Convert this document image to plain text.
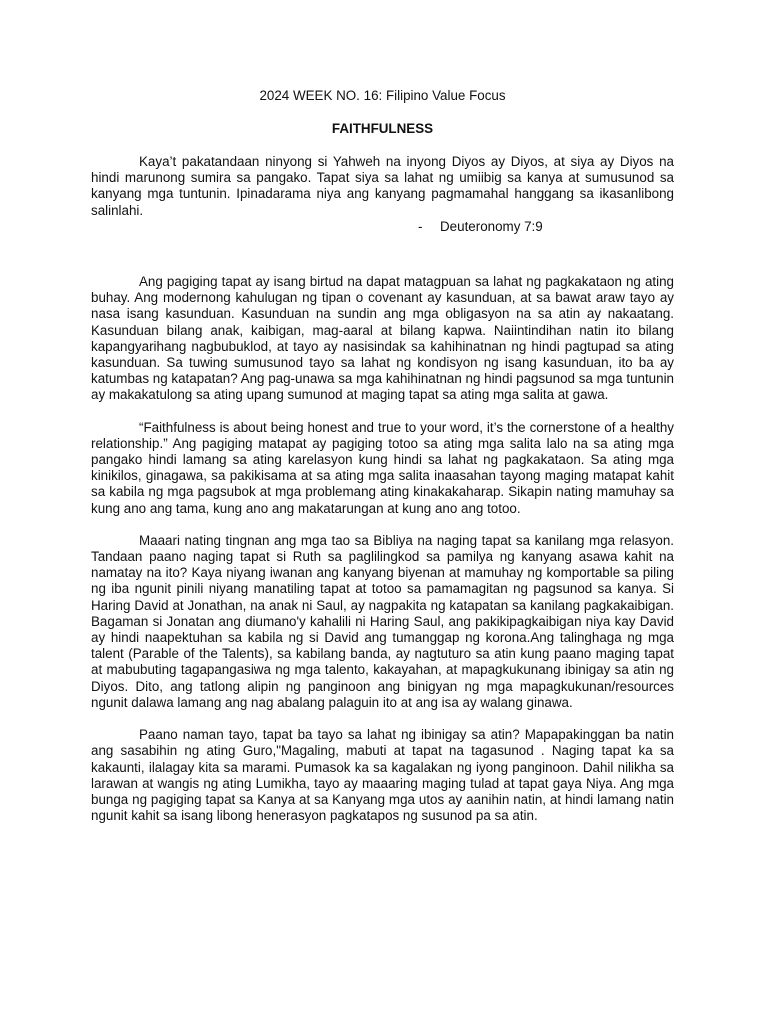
2024 WEEK NO. 16: Filipino Value Focus

FAITHFULNESS

Kaya’t pakatandaan ninyong si Yahweh na inyong Diyos ay Diyos, at siya ay Diyos na hindi marunong sumira sa pangako. Tapat siya sa lahat ng umiibig sa kanya at sumusunod sa kanyang mga tuntunin. Ipinadarama niya ang kanyang pagmamahal hanggang sa ikasanlibong salinlahi.

- Deuteronomy 7:9

Ang pagiging tapat ay isang birtud na dapat matagpuan sa lahat ng pagkakataon ng ating buhay. Ang modernong kahulugan ng tipan o covenant ay kasunduan, at sa bawat araw tayo ay nasa isang kasunduan. Kasunduan na sundin ang mga obligasyon na sa atin ay nakaatang. Kasunduan bilang anak, kaibigan, mag-aaral at bilang kapwa. Naiintindihan natin ito bilang kapangyarihang nagbubuklod, at tayo ay nasisindak sa kahihinatnan ng hindi pagtupad sa ating kasunduan. Sa tuwing sumusunod tayo sa lahat ng kondisyon ng isang kasunduan, ito ba ay katumbas ng katapatan? Ang pag-unawa sa mga kahihinatnan ng hindi pagsunod sa mga tuntunin ay makakatulong sa ating upang sumunod at maging tapat sa ating mga salita at gawa.

“Faithfulness is about being honest and true to your word, it’s the cornerstone of a healthy relationship.” Ang pagiging matapat ay pagiging totoo sa ating mga salita lalo na sa ating mga pangako hindi lamang sa ating karelasyon kung hindi sa lahat ng pagkakataon. Sa ating mga kinikilos, ginagawa, sa pakikisama at sa ating mga salita inaasahan tayong maging matapat kahit sa kabila ng mga pagsubok at mga problemang ating kinakakaharap. Sikapin nating mamuhay sa kung ano ang tama, kung ano ang makatarungan at kung ano ang totoo.

Maaari nating tingnan ang mga tao sa Bibliya na naging tapat sa kanilang mga relasyon. Tandaan paano naging tapat si Ruth sa paglilingkod sa pamilya ng kanyang asawa kahit na namatay na ito? Kaya niyang iwanan ang kanyang biyenan at mamuhay ng komportable sa piling ng iba ngunit pinili niyang manatiling tapat at totoo sa pamamagitan ng pagsunod sa kanya. Si Haring David at Jonathan, na anak ni Saul, ay nagpakita ng katapatan sa kanilang pagkakaibigan. Bagaman si Jonatan ang diumano'y kahalili ni Haring Saul, ang pakikipagkaibigan niya kay David ay hindi naapektuhan sa kabila ng si David ang tumanggap ng korona.Ang talinghaga ng mga talent (Parable of the Talents), sa kabilang banda, ay nagtuturo sa atin kung paano maging tapat at mabubuting tagapangasiwa ng mga talento, kakayahan, at mapagkukunang ibinigay sa atin ng Diyos. Dito, ang tatlong alipin ng panginoon ang binigyan ng mga mapagkukunan/resources ngunit dalawa lamang ang nag abalang palaguin ito at ang isa ay walang ginawa.

Paano naman tayo, tapat ba tayo sa lahat ng ibinigay sa atin? Mapapakinggan ba natin ang sasabihin ng ating Guro,"Magaling, mabuti at tapat na tagasunod . Naging tapat ka sa kakaunti, ilalagay kita sa marami. Pumasok ka sa kagalakan ng iyong panginoon. Dahil nilikha sa larawan at wangis ng ating Lumikha, tayo ay maaaring maging tulad at tapat gaya Niya. Ang mga bunga ng pagiging tapat sa Kanya at sa Kanyang mga utos ay aanihin natin, at hindi lamang natin ngunit kahit sa isang libong henerasyon pagkatapos ng susunod pa sa atin.
